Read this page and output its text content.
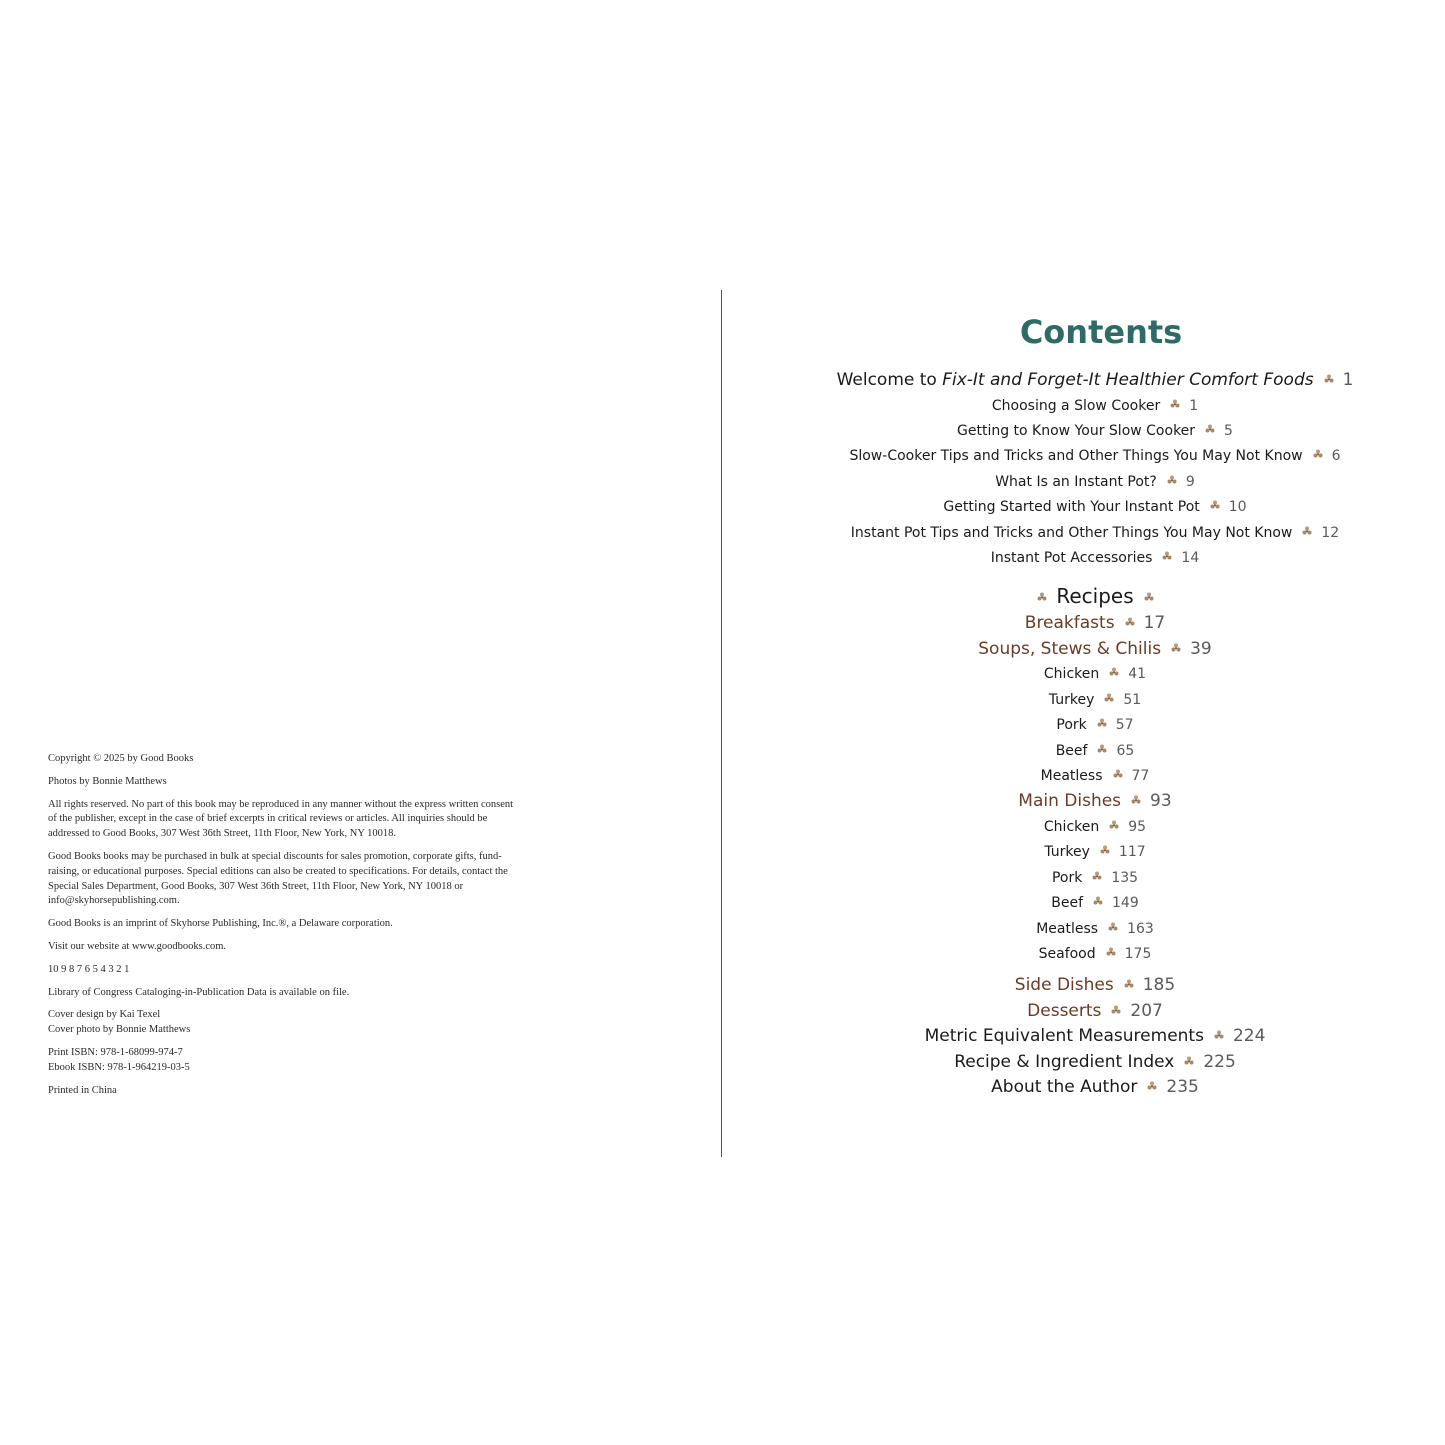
Copyright © 2025 by Good Books

Photos by Bonnie Matthews

All rights reserved. No part of this book may be reproduced in any manner without the express written consent of the publisher, except in the case of brief excerpts in critical reviews or articles. All inquiries should be addressed to Good Books, 307 West 36th Street, 11th Floor, New York, NY 10018.

Good Books books may be purchased in bulk at special discounts for sales promotion, corporate gifts, fund-raising, or educational purposes. Special editions can also be created to specifications. For details, contact the Special Sales Department, Good Books, 307 West 36th Street, 11th Floor, New York, NY 10018 or info@skyhorsepublishing.com.

Good Books is an imprint of Skyhorse Publishing, Inc.®, a Delaware corporation.

Visit our website at www.goodbooks.com.

10 9 8 7 6 5 4 3 2 1

Library of Congress Cataloging-in-Publication Data is available on file.

Cover design by Kai Texel
Cover photo by Bonnie Matthews

Print ISBN: 978-1-68099-974-7
Ebook ISBN: 978-1-964219-03-5

Printed in China

Contents
Welcome to Fix-It and Forget-It Healthier Comfort Foods 1
Choosing a Slow Cooker 1
Getting to Know Your Slow Cooker 5
Slow-Cooker Tips and Tricks and Other Things You May Not Know 6
What Is an Instant Pot? 9
Getting Started with Your Instant Pot 10
Instant Pot Tips and Tricks and Other Things You May Not Know 12
Instant Pot Accessories 14
Recipes
Breakfasts 17
Soups, Stews & Chilis 39
Chicken 41
Turkey 51
Pork 57
Beef 65
Meatless 77
Main Dishes 93
Chicken 95
Turkey 117
Pork 135
Beef 149
Meatless 163
Seafood 175
Side Dishes 185
Desserts 207
Metric Equivalent Measurements 224
Recipe & Ingredient Index 225
About the Author 235
